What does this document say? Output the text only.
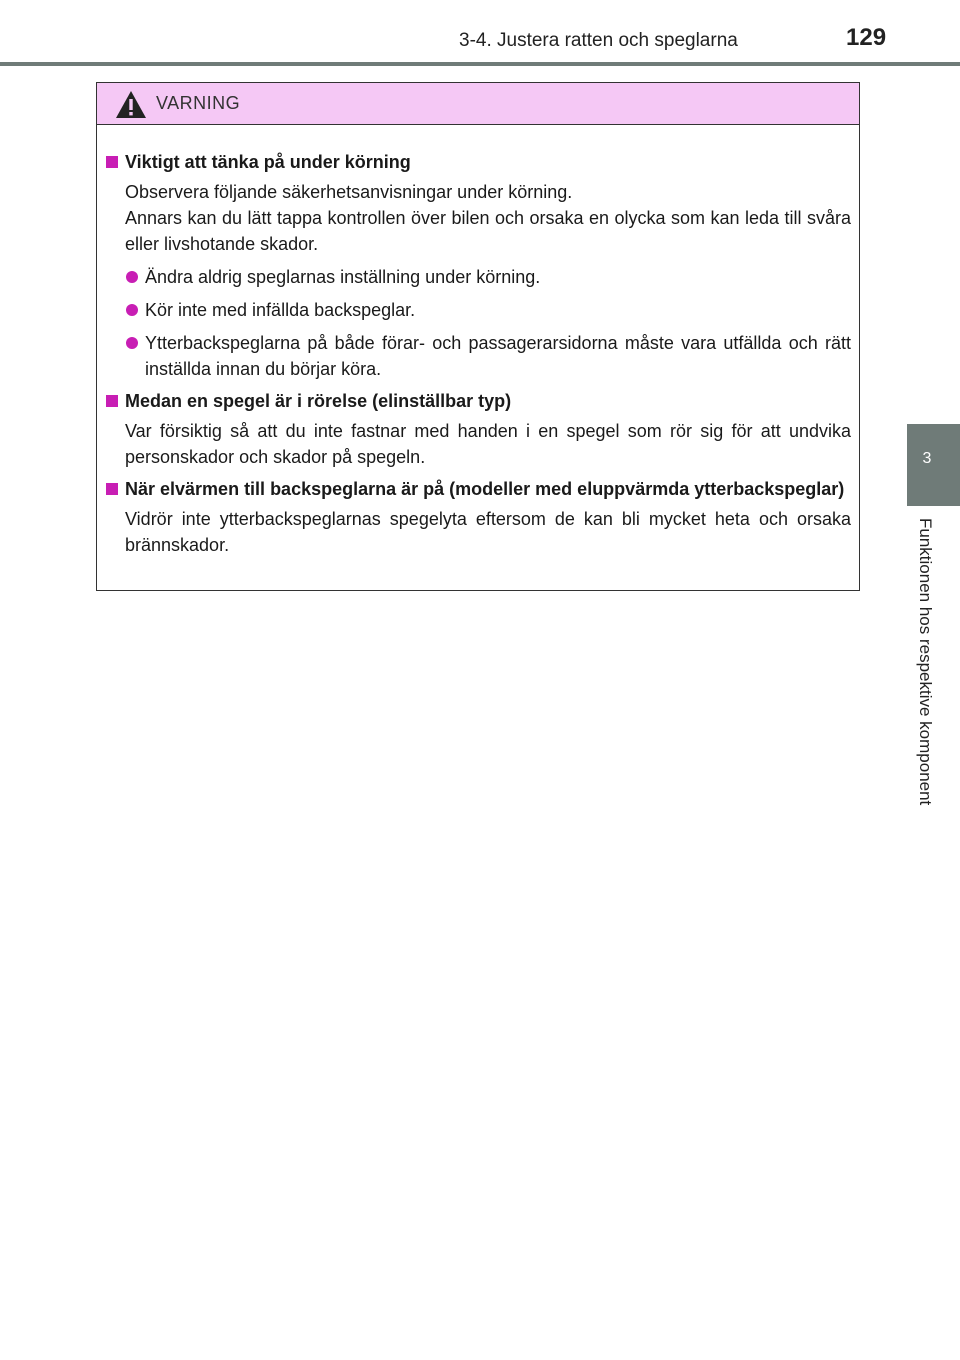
3-4. Justera ratten och speglarna	129
3
Funktionen hos respektive komponent
VARNING
Viktigt att tänka på under körning
Observera följande säkerhetsanvisningar under körning.
Annars kan du lätt tappa kontrollen över bilen och orsaka en olycka som kan leda till svåra eller livshotande skador.
Ändra aldrig speglarnas inställning under körning.
Kör inte med infällda backspeglar.
Ytterbackspeglarna på både förar- och passagerarsidorna måste vara utfällda och rätt inställda innan du börjar köra.
Medan en spegel är i rörelse (elinställbar typ)
Var försiktig så att du inte fastnar med handen i en spegel som rör sig för att undvika personskador och skador på spegeln.
När elvärmen till backspeglarna är på (modeller med eluppvärmda ytterbackspeglar)
Vidrör inte ytterbackspeglarnas spegelyta eftersom de kan bli mycket heta och orsaka brännskador.
